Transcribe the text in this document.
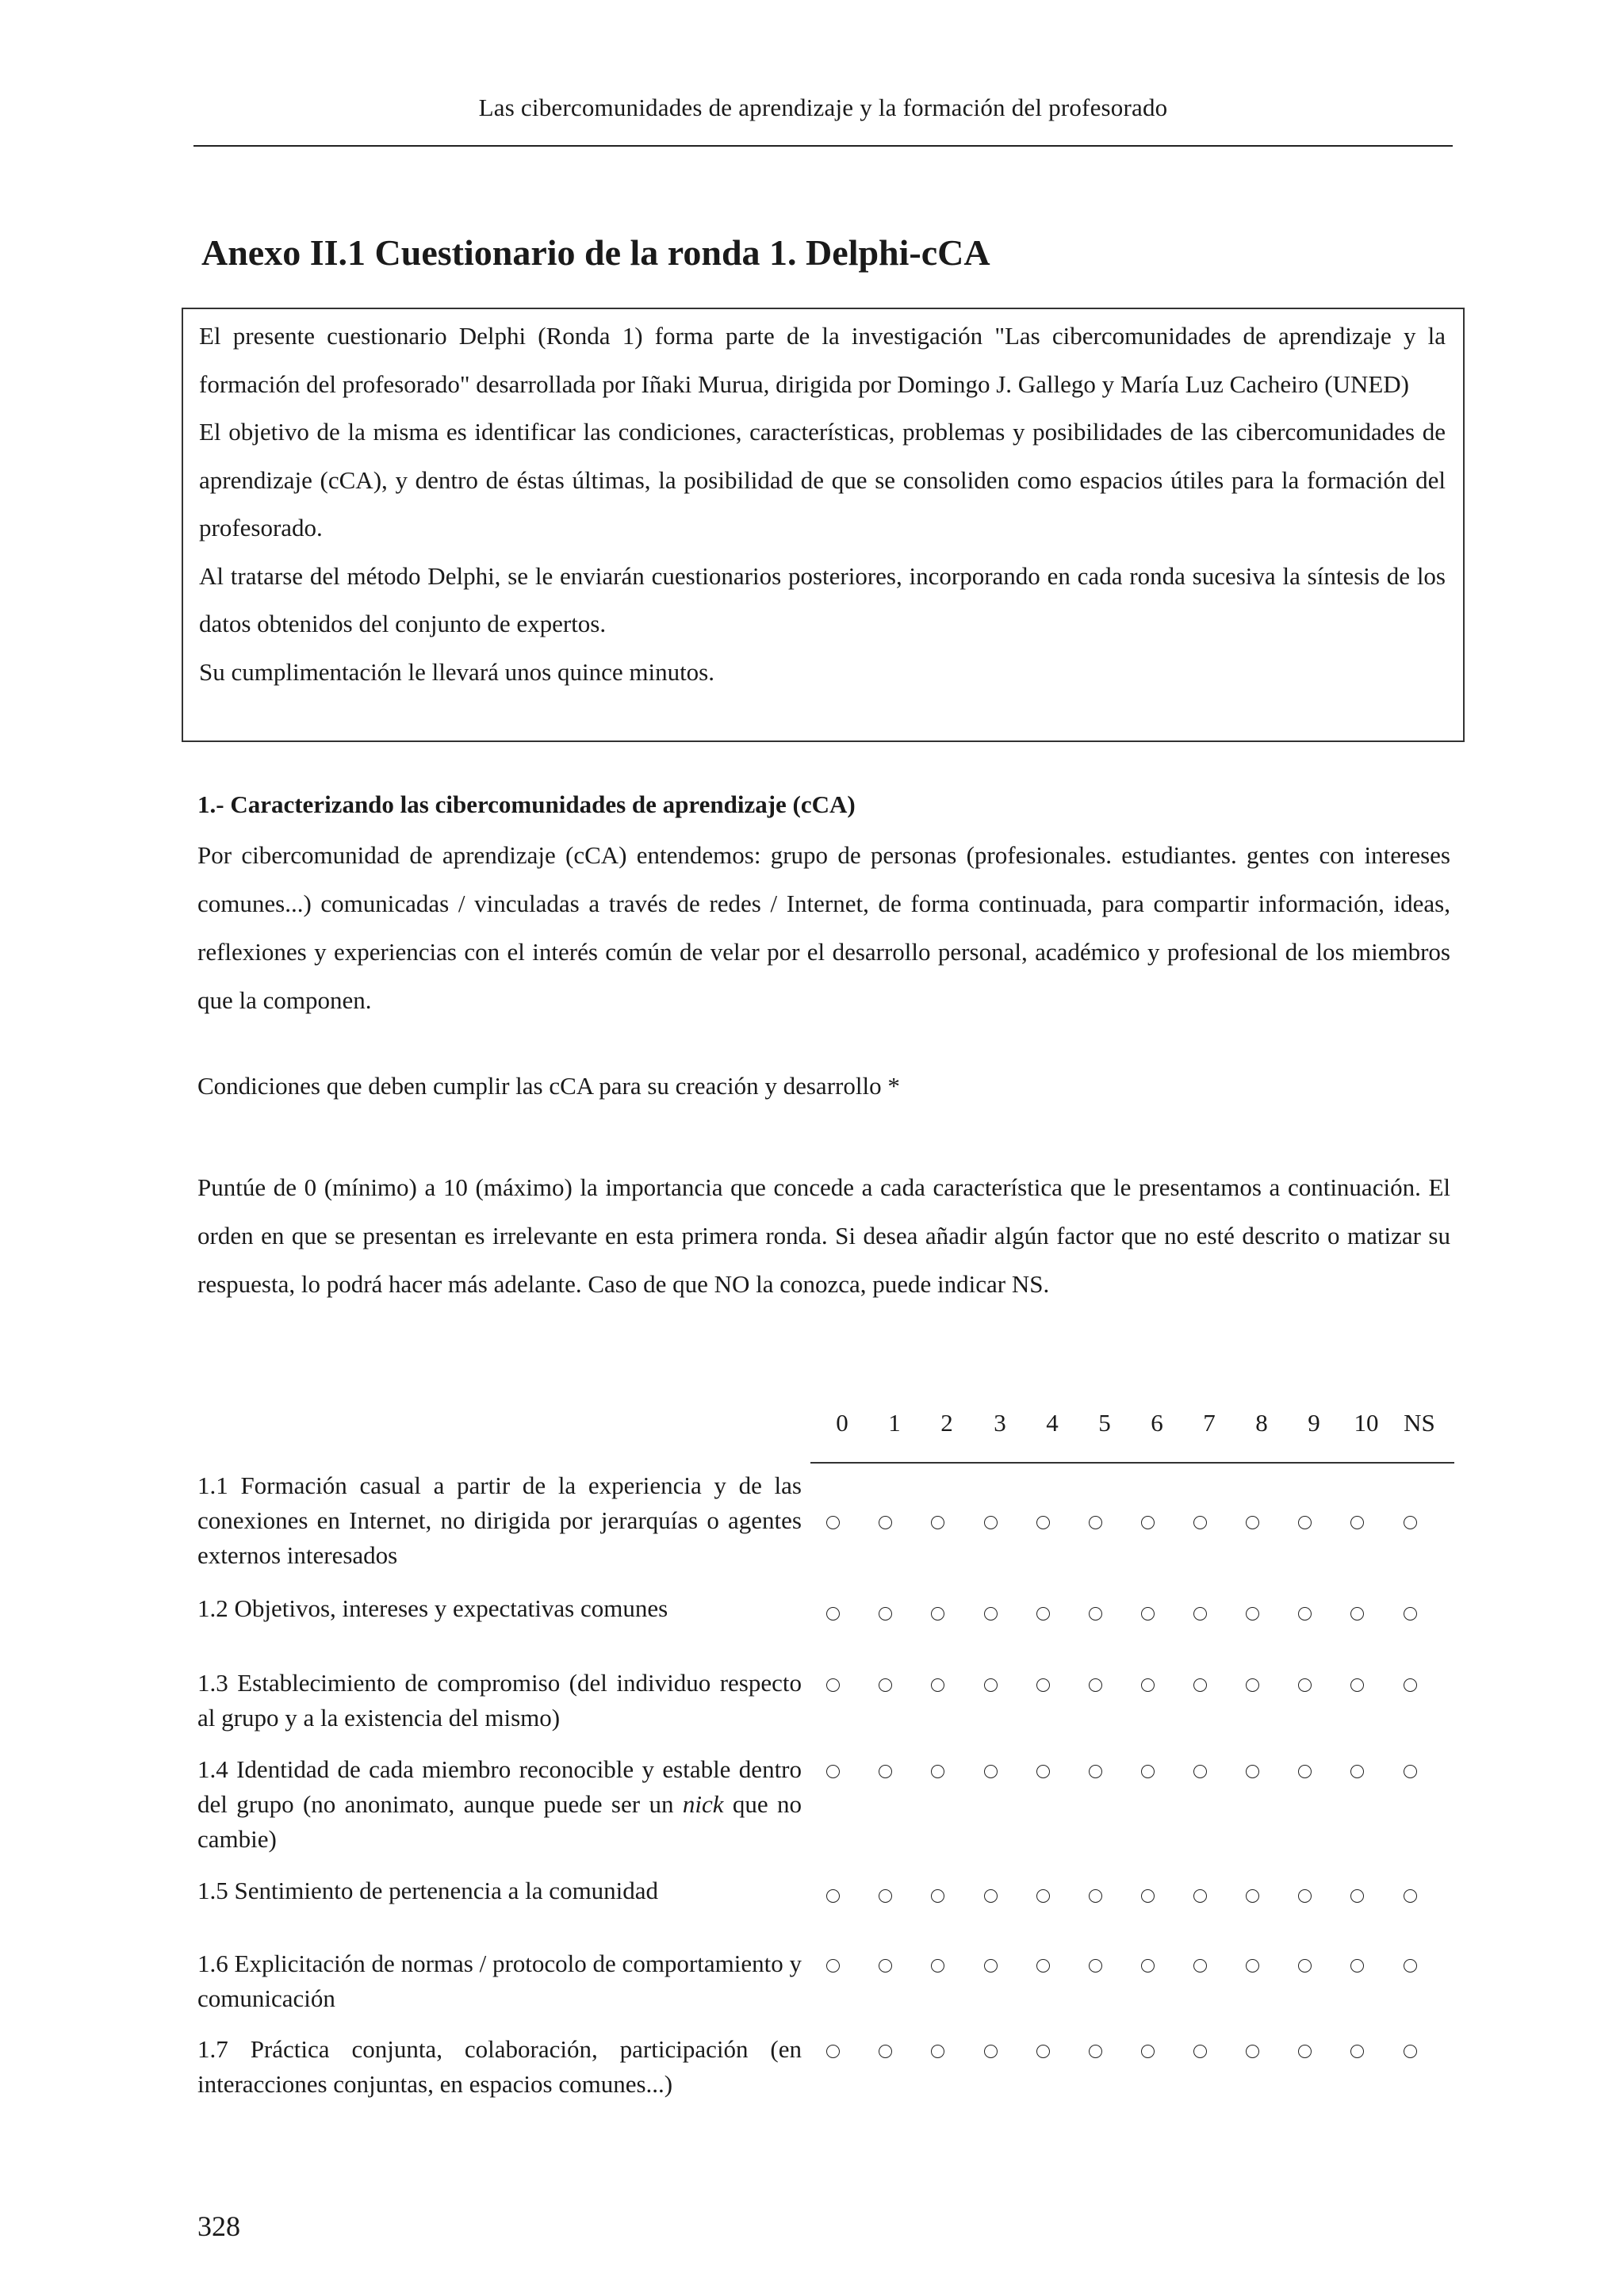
Las cibercomunidades de aprendizaje y la formación del profesorado
Anexo II.1 Cuestionario de la ronda 1. Delphi-cCA

El presente cuestionario Delphi (Ronda 1) forma parte de la investigación "Las cibercomunidades de aprendizaje y la formación del profesorado" desarrollada por Iñaki Murua, dirigida por Domingo J. Gallego y María Luz Cacheiro (UNED)

El objetivo de la misma es identificar las condiciones, características, problemas y posibilidades de las cibercomunidades de aprendizaje (cCA), y dentro de éstas últimas, la posibilidad de que se consoliden como espacios útiles para la formación del profesorado.

Al tratarse del método Delphi, se le enviarán cuestionarios posteriores, incorporando en cada ronda sucesiva la síntesis de los datos obtenidos del conjunto de expertos.

Su cumplimentación le llevará unos quince minutos.

1.- Caracterizando las cibercomunidades de aprendizaje (cCA)

Por cibercomunidad de aprendizaje (cCA) entendemos: grupo de personas (profesionales. estudiantes. gentes con intereses comunes...) comunicadas / vinculadas a través de redes / Internet, de forma continuada, para compartir información, ideas, reflexiones y experiencias con el interés común de velar por el desarrollo personal, académico y profesional de los miembros que la componen.

Condiciones que deben cumplir las cCA para su creación y desarrollo *

Puntúe de 0 (mínimo) a 10 (máximo) la importancia que concede a cada característica que le presentamos a continuación. El orden en que se presentan es irrelevante en esta primera ronda. Si desea añadir algún factor que no esté descrito o matizar su respuesta, lo podrá hacer más adelante. Caso de que NO la conozca, puede indicar NS.

0	1	2	3	4	5	6	7	8	9	10	NS
1.1 Formación casual a partir de la experiencia y de las conexiones en Internet, no dirigida por jerarquías o agentes externos interesados
1.2 Objetivos, intereses y expectativas comunes
1.3 Establecimiento de compromiso (del individuo respecto al grupo y a la existencia del mismo)
1.4 Identidad de cada miembro reconocible y estable dentro del grupo (no anonimato, aunque puede ser un nick que no cambie)
1.5 Sentimiento de pertenencia a la comunidad
1.6 Explicitación de normas / protocolo de comportamiento y comunicación
1.7 Práctica conjunta, colaboración, participación (en interacciones conjuntas, en espacios comunes...)
328
